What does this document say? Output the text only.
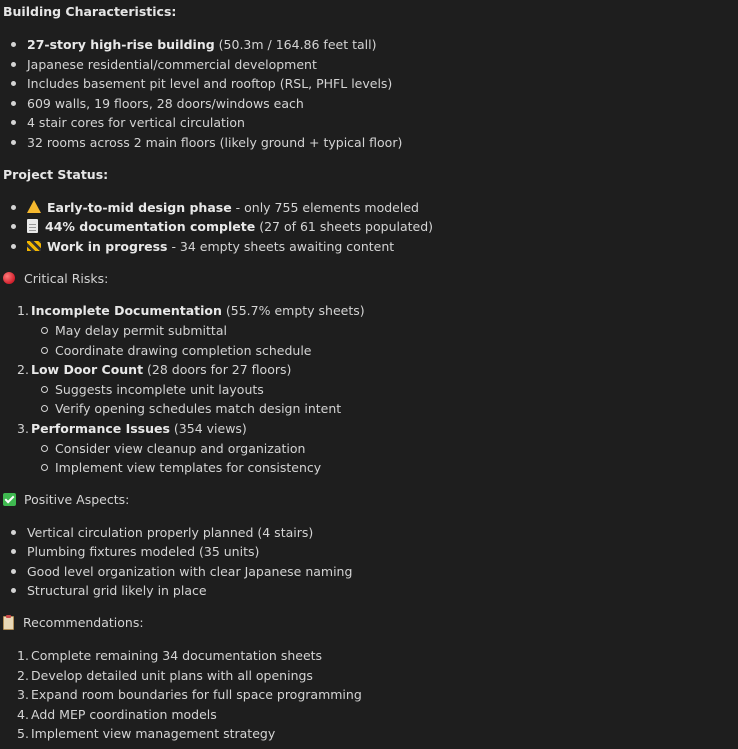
Building Characteristics:
27-story high-rise building (50.3m / 164.86 feet tall)
Japanese residential/commercial development
Includes basement pit level and rooftop (RSL, PHFL levels)
609 walls, 19 floors, 28 doors/windows each
4 stair cores for vertical circulation
32 rooms across 2 main floors (likely ground + typical floor)
Project Status:
Early-to-mid design phase - only 755 elements modeled
44% documentation complete (27 of 61 sheets populated)
Work in progress - 34 empty sheets awaiting content
Critical Risks:
1. Incomplete Documentation (55.7% empty sheets)
May delay permit submittal
Coordinate drawing completion schedule
2. Low Door Count (28 doors for 27 floors)
Suggests incomplete unit layouts
Verify opening schedules match design intent
3. Performance Issues (354 views)
Consider view cleanup and organization
Implement view templates for consistency
Positive Aspects:
Vertical circulation properly planned (4 stairs)
Plumbing fixtures modeled (35 units)
Good level organization with clear Japanese naming
Structural grid likely in place
Recommendations:
1. Complete remaining 34 documentation sheets
2. Develop detailed unit plans with all openings
3. Expand room boundaries for full space programming
4. Add MEP coordination models
5. Implement view management strategy
